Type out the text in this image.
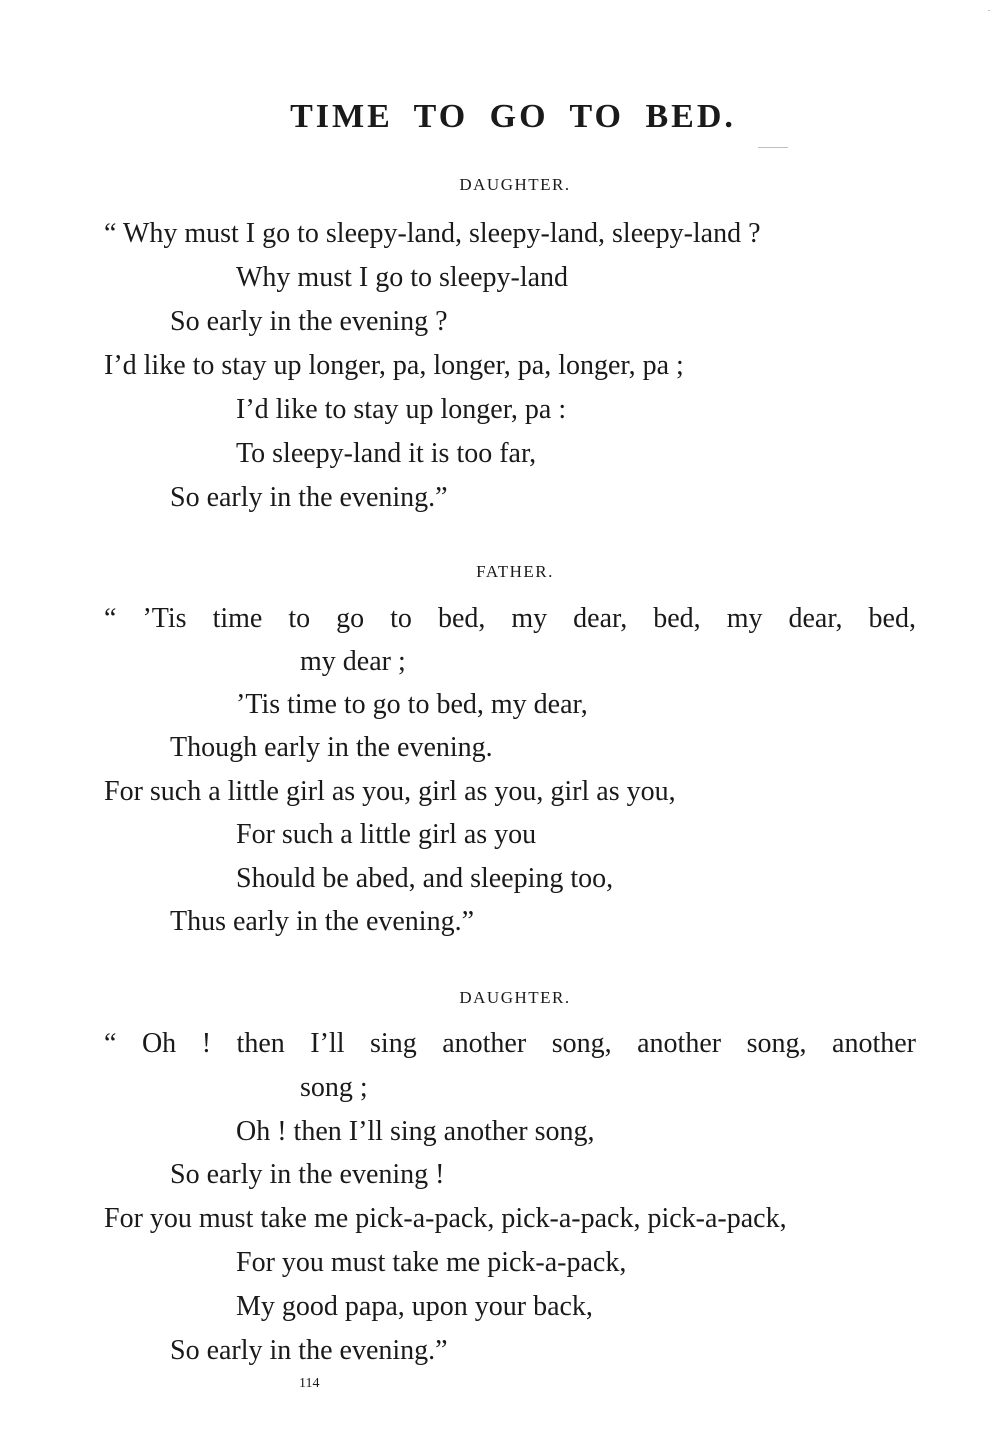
TIME TO GO TO BED.

DAUGHTER.

“ Why must I go to sleepy-land, sleepy-land, sleepy-land ?

Why must I go to sleepy-land

So early in the evening ?

I’d like to stay up longer, pa, longer, pa, longer, pa ;

I’d like to stay up longer, pa :

To sleepy-land it is too far,

So early in the evening.”

FATHER.

“ ’Tis time to go to bed, my dear, bed, my dear, bed,

my dear ;

’Tis time to go to bed, my dear,

Though early in the evening.

For such a little girl as you, girl as you, girl as you,

For such a little girl as you

Should be abed, and sleeping too,

Thus early in the evening.”

DAUGHTER.

“ Oh ! then I’ll sing another song, another song, another

song ;

Oh ! then I’ll sing another song,

So early in the evening !

For you must take me pick-a-pack, pick-a-pack, pick-a-pack,

For you must take me pick-a-pack,

My good papa, upon your back,

So early in the evening.”

114
